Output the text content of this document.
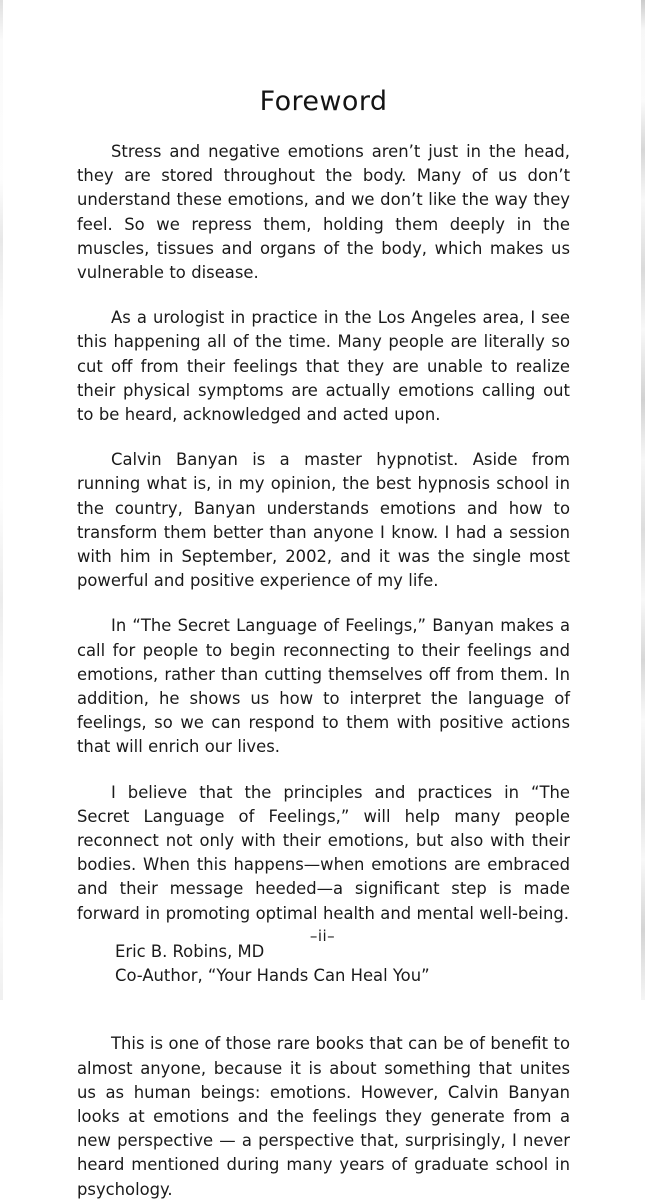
Foreword

Stress and negative emotions aren’t just in the head, they are stored throughout the body. Many of us don’t understand these emotions, and we don’t like the way they feel. So we repress them, holding them deeply in the muscles, tissues and organs of the body, which makes us vulnerable to disease.

As a urologist in practice in the Los Angeles area, I see this happening all of the time. Many people are literally so cut off from their feelings that they are unable to realize their physical symptoms are actually emotions calling out to be heard, acknowledged and acted upon.

Calvin Banyan is a master hypnotist. Aside from running what is, in my opinion, the best hypnosis school in the country, Banyan understands emotions and how to transform them better than anyone I know. I had a session with him in September, 2002, and it was the single most powerful and positive experience of my life.

In “The Secret Language of Feelings,” Banyan makes a call for people to begin reconnecting to their feelings and emotions, rather than cutting themselves off from them. In addition, he shows us how to interpret the language of feelings, so we can respond to them with positive actions that will enrich our lives.

I believe that the principles and practices in “The Secret Language of Feelings,” will help many people reconnect not only with their emotions, but also with their bodies. When this happens—when emotions are embraced and their message heeded—a significant step is made forward in promoting optimal health and mental well-being.

Eric B. Robins, MD
Co-Author, “Your Hands Can Heal You”

This is one of those rare books that can be of benefit to almost anyone, because it is about something that unites us as human beings: emotions. However, Calvin Banyan looks at emotions and the feelings they generate from a new perspective — a perspective that, surprisingly, I never heard mentioned during many years of graduate school in psychology.

–ii–
